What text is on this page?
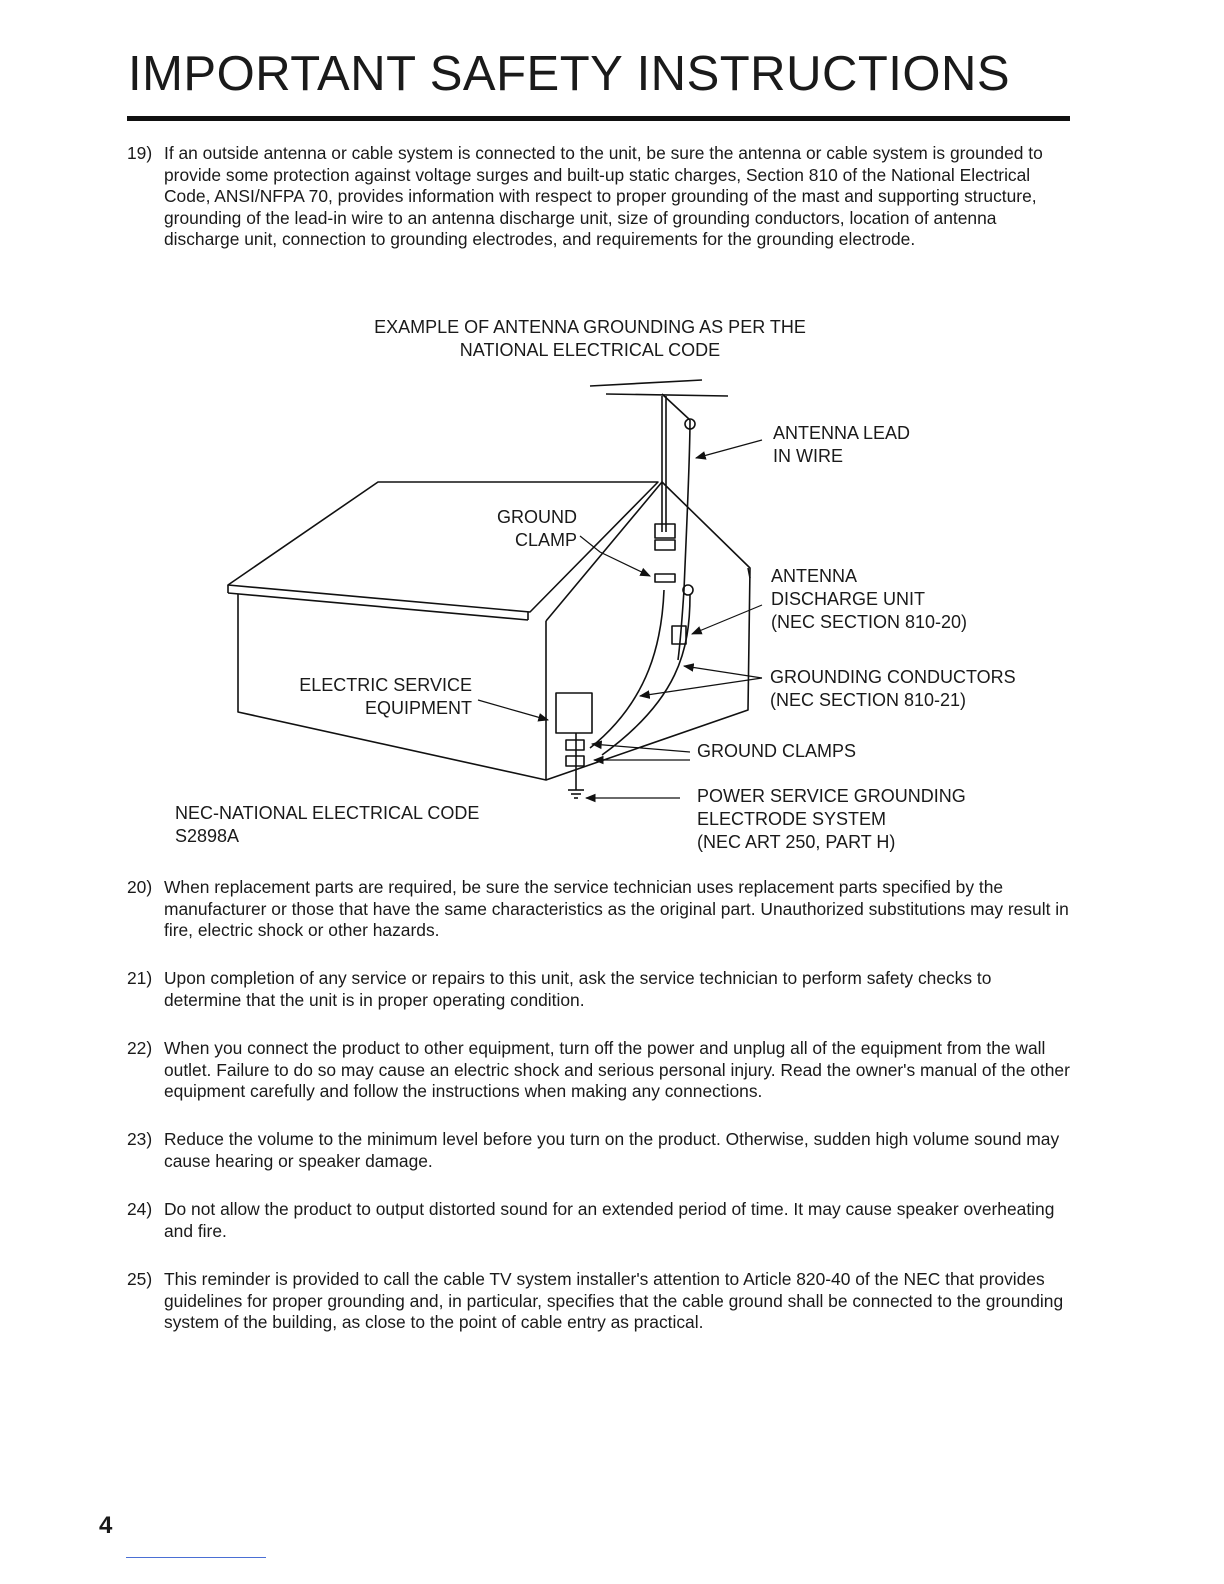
IMPORTANT SAFETY INSTRUCTIONS
19) If an outside antenna or cable system is connected to the unit, be sure the antenna or cable system is grounded to provide some protection against voltage surges and built-up static charges, Section 810 of the National Electrical Code, ANSI/NFPA 70, provides information with respect to proper grounding of the mast and supporting structure, grounding of the lead-in wire to an antenna discharge unit, size of grounding conductors, location of antenna discharge unit, connection to grounding electrodes, and requirements for the grounding electrode.
EXAMPLE OF ANTENNA GROUNDING AS PER THE
NATIONAL ELECTRICAL CODE
ANTENNA LEAD
IN WIRE
GROUND
CLAMP
ANTENNA
DISCHARGE UNIT
(NEC SECTION 810-20)
ELECTRIC SERVICE
EQUIPMENT
GROUNDING CONDUCTORS
(NEC SECTION 810-21)
GROUND CLAMPS
POWER SERVICE GROUNDING
ELECTRODE SYSTEM
(NEC ART 250, PART H)
NEC-NATIONAL ELECTRICAL CODE
S2898A
20) When replacement parts are required, be sure the service technician uses replacement parts specified by the manufacturer or those that have the same characteristics as the original part. Unauthorized substitutions may result in fire, electric shock or other hazards.
21) Upon completion of any service or repairs to this unit, ask the service technician to perform safety checks to determine that the unit is in proper operating condition.
22) When you connect the product to other equipment, turn off the power and unplug all of the equipment from the wall outlet. Failure to do so may cause an electric shock and serious personal injury. Read the owner's manual of the other equipment carefully and follow the instructions when making any connections.
23) Reduce the volume to the minimum level before you turn on the product. Otherwise, sudden high volume sound may cause hearing or speaker damage.
24) Do not allow the product to output distorted sound for an extended period of time. It may cause speaker overheating and fire.
25) This reminder is provided to call the cable TV system installer's attention to Article 820-40 of the NEC that provides guidelines for proper grounding and, in particular, specifies that the cable ground shall be connected to the grounding system of the building, as close to the point of cable entry as practical.
4
